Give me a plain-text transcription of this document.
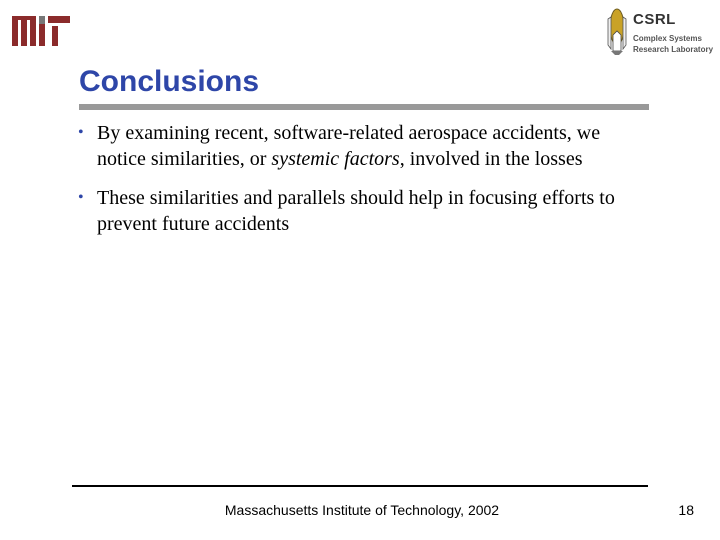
CSRL
Complex Systems
Research Laboratory
Conclusions
• By examining recent, software-related aerospace accidents, we notice similarities, or systemic factors, involved in the losses
• These similarities and parallels should help in focusing efforts to prevent future accidents
Massachusetts Institute of Technology, 2002	18
